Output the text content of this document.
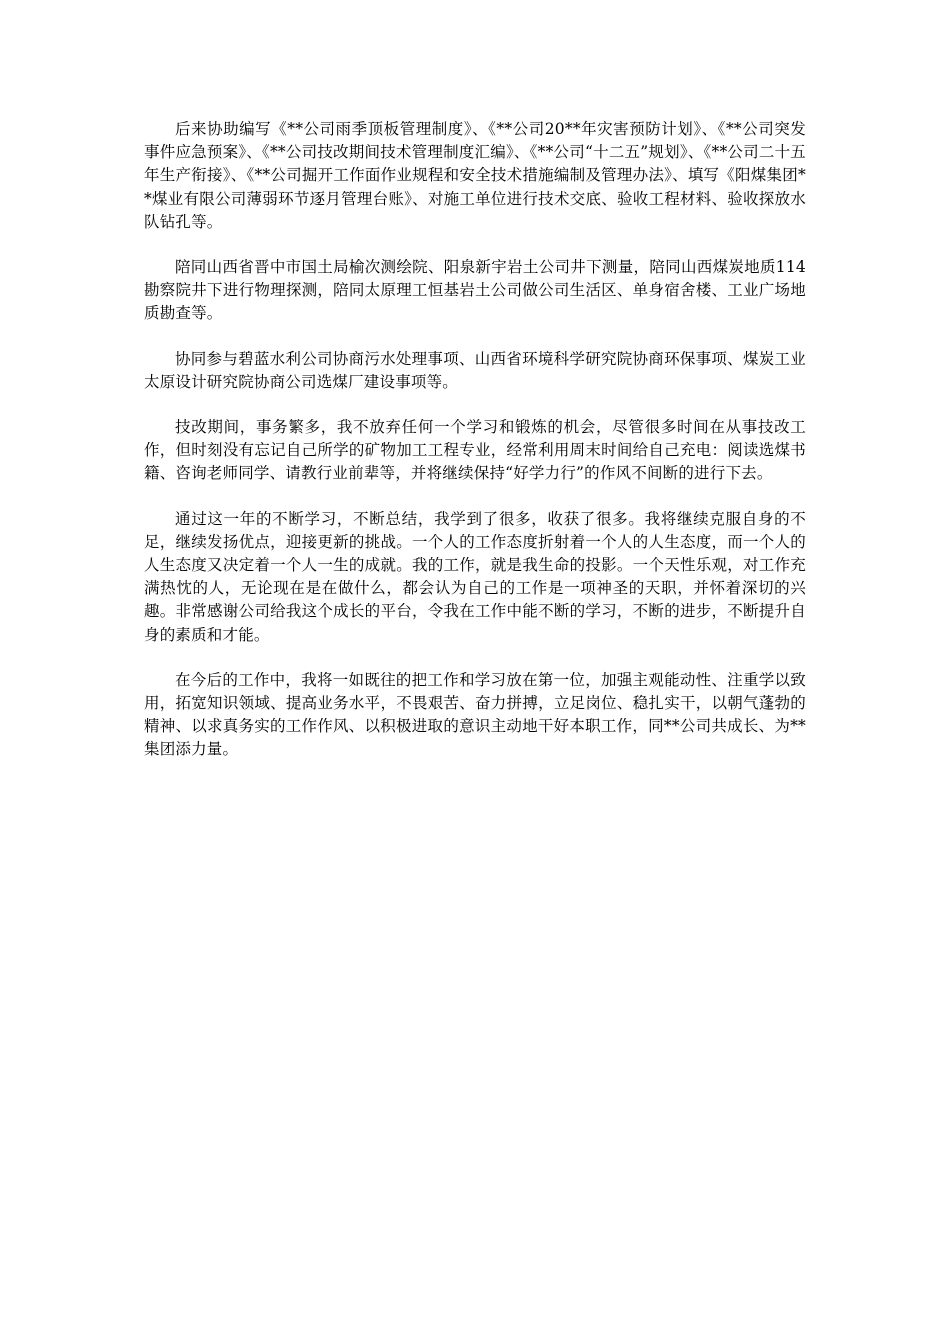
后来协助编写《**公司雨季顶板管理制度》、《**公司20**年灾害预防计划》、《**公司突发事件应急预案》、《**公司技改期间技术管理制度汇编》、《**公司“十二五”规划》、《**公司二十五年生产衔接》、《**公司掘开工作面作业规程和安全技术措施编制及管理办法》、填写《阳煤集团**煤业有限公司薄弱环节逐月管理台账》、对施工单位进行技术交底、验收工程材料、验收探放水队钻孔等。

陪同山西省晋中市国土局榆次测绘院、阳泉新宇岩土公司井下测量，陪同山西煤炭地质114勘察院井下进行物理探测，陪同太原理工恒基岩土公司做公司生活区、单身宿舍楼、工业广场地质勘查等。

协同参与碧蓝水利公司协商污水处理事项、山西省环境科学研究院协商环保事项、煤炭工业太原设计研究院协商公司选煤厂建设事项等。

技改期间，事务繁多，我不放弃任何一个学习和锻炼的机会，尽管很多时间在从事技改工作，但时刻没有忘记自己所学的矿物加工工程专业，经常利用周末时间给自己充电：阅读选煤书籍、咨询老师同学、请教行业前辈等，并将继续保持“好学力行”的作风不间断的进行下去。

通过这一年的不断学习，不断总结，我学到了很多，收获了很多。我将继续克服自身的不足，继续发扬优点，迎接更新的挑战。一个人的工作态度折射着一个人的人生态度，而一个人的人生态度又决定着一个人一生的成就。我的工作，就是我生命的投影。一个天性乐观，对工作充满热忱的人，无论现在是在做什么，都会认为自己的工作是一项神圣的天职，并怀着深切的兴趣。非常感谢公司给我这个成长的平台，令我在工作中能不断的学习，不断的进步，不断提升自身的素质和才能。

在今后的工作中，我将一如既往的把工作和学习放在第一位，加强主观能动性、注重学以致用，拓宽知识领域、提高业务水平，不畏艰苦、奋力拼搏，立足岗位、稳扎实干，以朝气蓬勃的精神、以求真务实的工作作风、以积极进取的意识主动地干好本职工作，同**公司共成长、为**集团添力量。
